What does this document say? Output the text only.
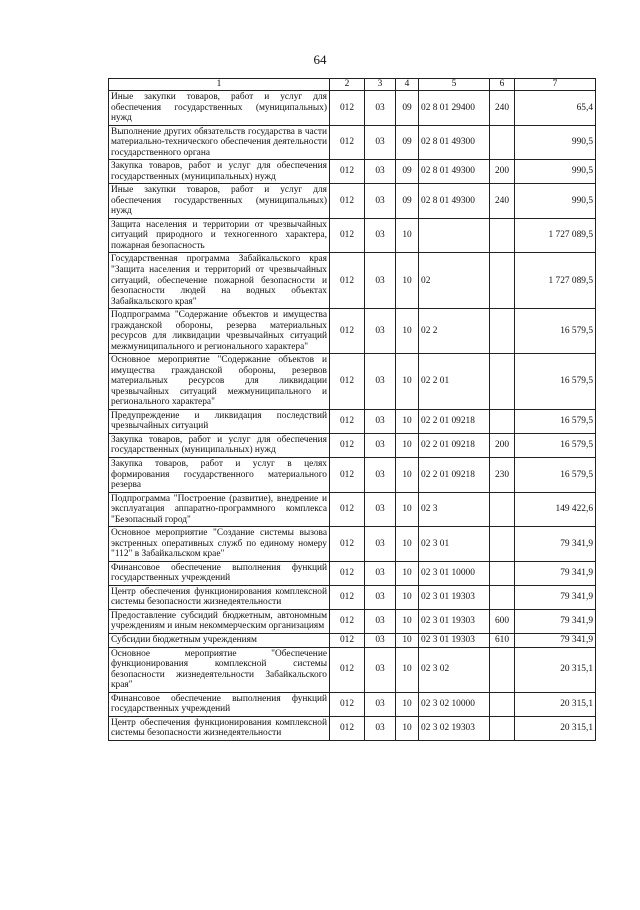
64
1	2	3	4	5	6	7
Иные закупки товаров, работ и услуг для обеспечения государственных (муниципальных) нужд	012	03	09	02 8 01 29400	240	65,4
Выполнение других обязательств государства в части материально-технического обеспечения деятельности государственного органа	012	03	09	02 8 01 49300		990,5
Закупка товаров, работ и услуг для обеспечения государственных (муниципальных) нужд	012	03	09	02 8 01 49300	200	990,5
Иные закупки товаров, работ и услуг для обеспечения государственных (муниципальных) нужд	012	03	09	02 8 01 49300	240	990,5
Защита населения и территории от чрезвычайных ситуаций природного и техногенного характера, пожарная безопасность	012	03	10			1 727 089,5
Государственная программа Забайкальского края "Защита населения и территорий от чрезвычайных ситуаций, обеспечение пожарной безопасности и безопасности людей на водных объектах Забайкальского края"	012	03	10	02		1 727 089,5
Подпрограмма "Содержание объектов и имущества гражданской обороны, резерва материальных ресурсов для ликвидации чрезвычайных ситуаций межмуниципального и регионального характера"	012	03	10	02 2		16 579,5
Основное мероприятие "Содержание объектов и имущества гражданской обороны, резервов материальных ресурсов для ликвидации чрезвычайных ситуаций межмуниципального и регионального характера"	012	03	10	02 2 01		16 579,5
Предупреждение и ликвидация последствий чрезвычайных ситуаций	012	03	10	02 2 01 09218		16 579,5
Закупка товаров, работ и услуг для обеспечения государственных (муниципальных) нужд	012	03	10	02 2 01 09218	200	16 579,5
Закупка товаров, работ и услуг в целях формирования государственного материального резерва	012	03	10	02 2 01 09218	230	16 579,5
Подпрограмма "Построение (развитие), внедрение и эксплуатация аппаратно-программного комплекса "Безопасный город"	012	03	10	02 3		149 422,6
Основное мероприятие "Создание системы вызова экстренных оперативных служб по единому номеру "112" в Забайкальском крае"	012	03	10	02 3 01		79 341,9
Финансовое обеспечение выполнения функций государственных учреждений	012	03	10	02 3 01 10000		79 341,9
Центр обеспечения функционирования комплексной системы безопасности жизнедеятельности	012	03	10	02 3 01 19303		79 341,9
Предоставление субсидий бюджетным, автономным учреждениям и иным некоммерческим организациям	012	03	10	02 3 01 19303	600	79 341,9
Субсидии бюджетным учреждениям	012	03	10	02 3 01 19303	610	79 341,9
Основное мероприятие "Обеспечение функционирования комплексной системы безопасности жизнедеятельности Забайкальского края"	012	03	10	02 3 02		20 315,1
Финансовое обеспечение выполнения функций государственных учреждений	012	03	10	02 3 02 10000		20 315,1
Центр обеспечения функционирования комплексной системы безопасности жизнедеятельности	012	03	10	02 3 02 19303		20 315,1
